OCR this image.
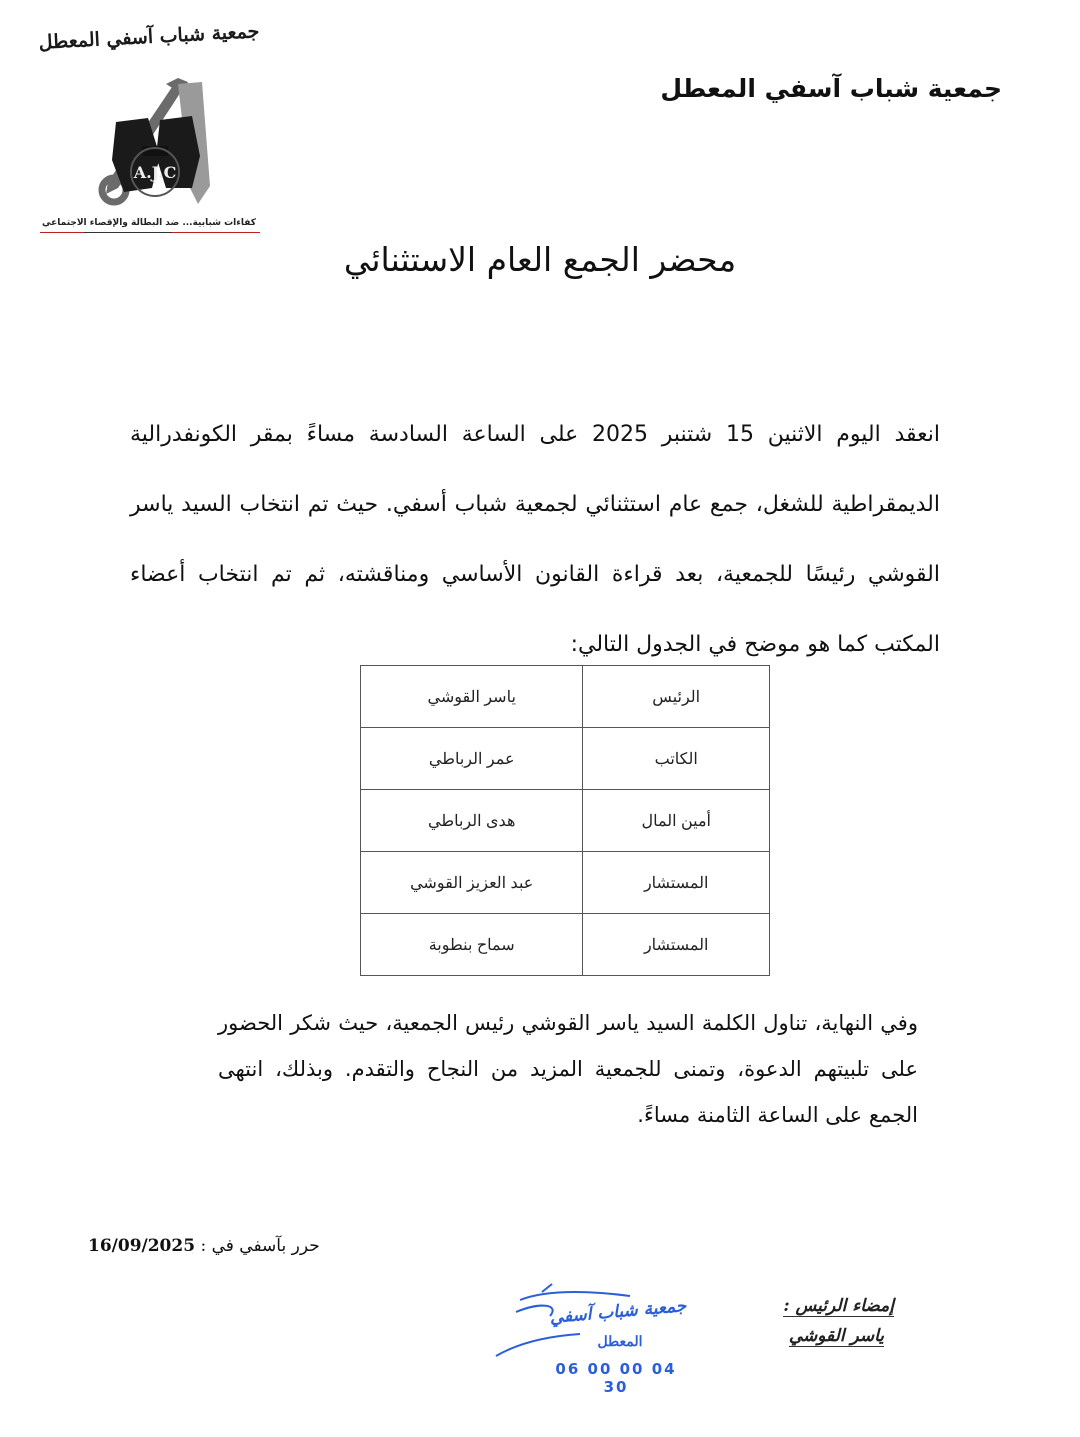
جمعية شباب آسفي المعطل
A.J.C
كفاءات شبابية... ضد البطالة والإقصاء الاجتماعي
جمعية شباب آسفي المعطل
محضر الجمع العام الاستثنائي
انعقد اليوم الاثنين 15 شتنبر 2025 على الساعة السادسة مساءً بمقر الكونفدرالية الديمقراطية للشغل، جمع عام استثنائي لجمعية شباب أسفي. حيث تم انتخاب السيد ياسر القوشي رئيسًا للجمعية، بعد قراءة القانون الأساسي ومناقشته، ثم تم انتخاب أعضاء المكتب كما هو موضح في الجدول التالي:
الرئيس	ياسر القوشي
الكاتب	عمر الرباطي
أمين المال	هدى الرباطي
المستشار	عبد العزيز القوشي
المستشار	سماح بنطوبة
وفي النهاية، تناول الكلمة السيد ياسر القوشي رئيس الجمعية، حيث شكر الحضور على تلبيتهم الدعوة، وتمنى للجمعية المزيد من النجاح والتقدم. وبذلك، انتهى الجمع على الساعة الثامنة مساءً.
حرر بآسفي في : 16/09/2025
جمعية شباب آسفي
المعطل
06 00 00 04 30
إمضاء الرئيس :
ياسر القوشي
